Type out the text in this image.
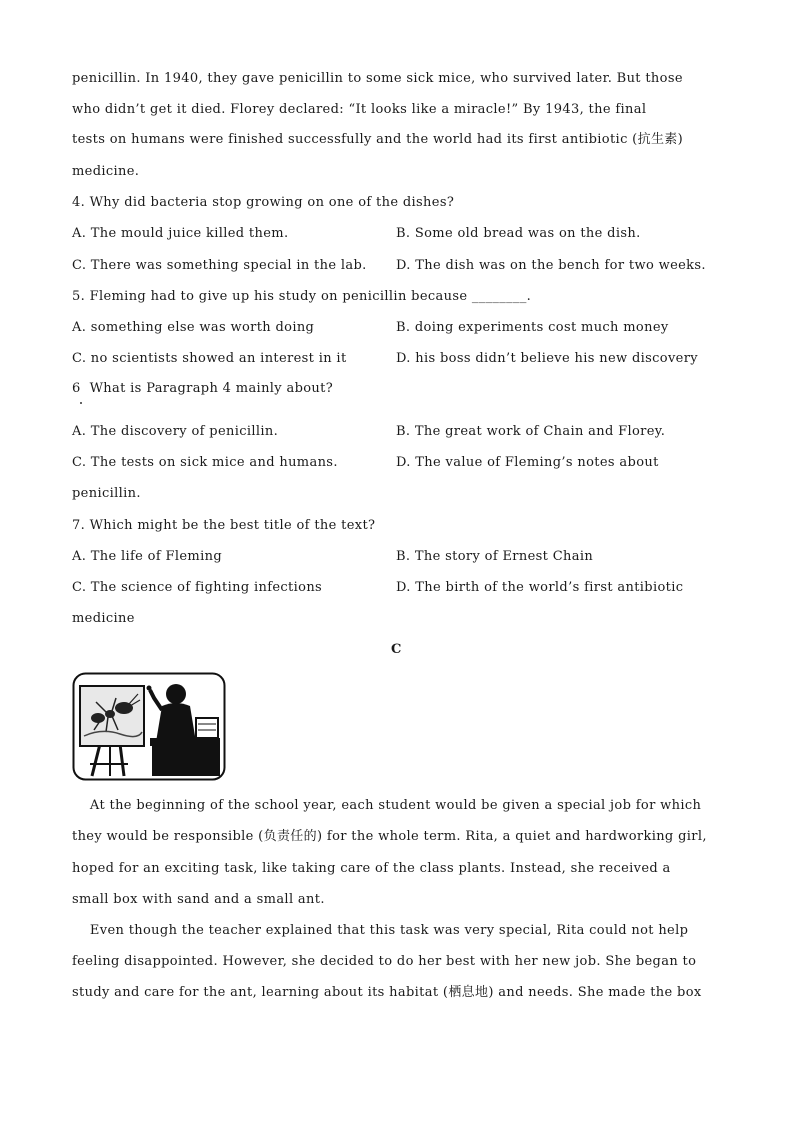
penicillin. In 1940, they gave penicillin to some sick mice, who survived later. But those
who didn’t get it died. Florey declared: “It looks like a miracle!” By 1943, the final
tests on humans were finished successfully and the world had its first antibiotic (抗生素)
medicine.
4. Why did bacteria stop growing on one of the dishes?
A. The mould juice killed them.	B. Some old bread was on the dish.
C. There was something special in the lab. D. The dish was on the bench for two weeks.
5. Fleming had to give up his study on penicillin because ________.
A. something else was worth doing	B. doing experiments cost much money
C. no scientists showed an interest in it	D. his boss didn’t believe his new discovery
6  What is Paragraph 4 mainly about?
A. The discovery of penicillin.	B. The great work of Chain and Florey.
C. The tests on sick mice and humans.	D. The value of Fleming’s notes about
penicillin.
7. Which might be the best title of the text?
A. The life of Fleming	B. The story of Ernest Chain
C. The science of fighting infections	D. The birth of the world’s first antibiotic
medicine
C
At the beginning of the school year, each student would be given a special job for which
they would be responsible (负责任的) for the whole term. Rita, a quiet and hardworking girl,
hoped for an exciting task, like taking care of the class plants. Instead, she received a
small box with sand and a small ant.
Even though the teacher explained that this task was very special, Rita could not help
feeling disappointed. However, she decided to do her best with her new job. She began to
study and care for the ant, learning about its habitat (栖息地) and needs. She made the box
